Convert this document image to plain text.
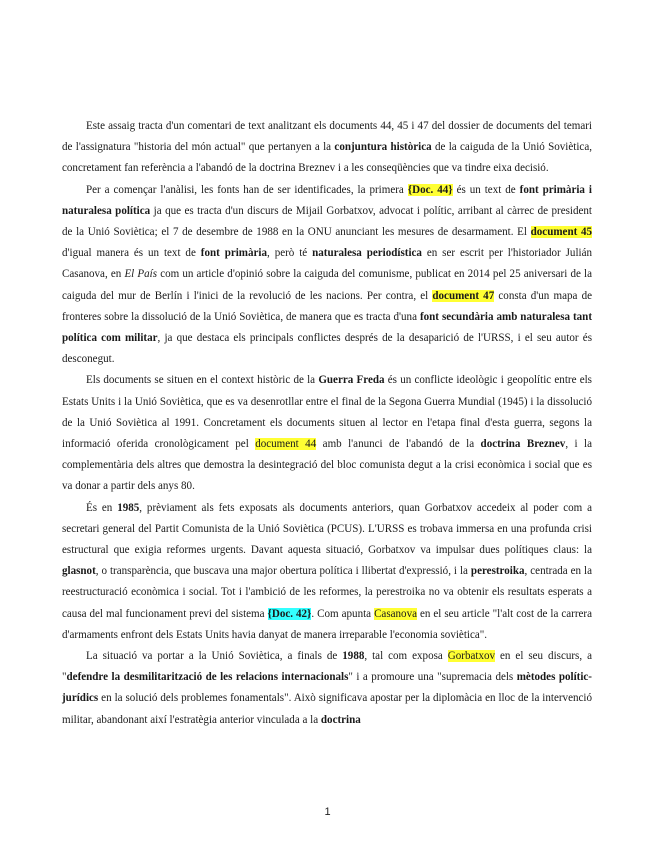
Este assaig tracta d'un comentari de text analitzant els documents 44, 45 i 47 del dossier de documents del temari de l'assignatura "historia del món actual" que pertanyen a la conjuntura històrica de la caiguda de la Unió Soviètica, concretament fan referència a l'abandó de la doctrina Breznev i a les conseqüències que va tindre eixa decisió.

Per a començar l'anàlisi, les fonts han de ser identificades, la primera {Doc. 44} és un text de font primària i naturalesa política ja que es tracta d'un discurs de Mijail Gorbatxov, advocat i polític, arribant al càrrec de president de la Unió Soviètica; el 7 de desembre de 1988 en la ONU anunciant les mesures de desarmament. El document 45 d'igual manera és un text de font primària, però té naturalesa periodística en ser escrit per l'historiador Julián Casanova, en El País com un article d'opinió sobre la caiguda del comunisme, publicat en 2014 pel 25 aniversari de la caiguda del mur de Berlín i l'inici de la revolució de les nacions. Per contra, el document 47 consta d'un mapa de fronteres sobre la dissolució de la Unió Soviètica, de manera que es tracta d'una font secundària amb naturalesa tant política com militar, ja que destaca els principals conflictes després de la desaparició de l'URSS, i el seu autor és desconegut.

Els documents se situen en el context històric de la Guerra Freda és un conflicte ideològic i geopolític entre els Estats Units i la Unió Soviètica, que es va desenrotllar entre el final de la Segona Guerra Mundial (1945) i la dissolució de la Unió Soviètica al 1991. Concretament els documents situen al lector en l'etapa final d'esta guerra, segons la informació oferida cronològicament pel document 44 amb l'anunci de l'abandó de la doctrina Breznev, i la complementària dels altres que demostra la desintegració del bloc comunista degut a la crisi econòmica i social que es va donar a partir dels anys 80.

És en 1985, prèviament als fets exposats als documents anteriors, quan Gorbatxov accedeix al poder com a secretari general del Partit Comunista de la Unió Soviètica (PCUS). L'URSS es trobava immersa en una profunda crisi estructural que exigia reformes urgents. Davant aquesta situació, Gorbatxov va impulsar dues polítiques claus: la glasnot, o transparència, que buscava una major obertura política i llibertat d'expressió, i la perestroika, centrada en la reestructuració econòmica i social. Tot i l'ambició de les reformes, la perestroika no va obtenir els resultats esperats a causa del mal funcionament previ del sistema {Doc. 42}. Com apunta Casanova en el seu article "l'alt cost de la carrera d'armaments enfront dels Estats Units havia danyat de manera irreparable l'economia soviètica".

La situació va portar a la Unió Soviètica, a finals de 1988, tal com exposa Gorbatxov en el seu discurs, a "defendre la desmilitarització de les relacions internacionals" i a promoure una "supremacia dels mètodes polític-jurídics en la solució dels problemes fonamentals". Això significava apostar per la diplomàcia en lloc de la intervenció militar, abandonant així l'estratègia anterior vinculada a la doctrina

1
